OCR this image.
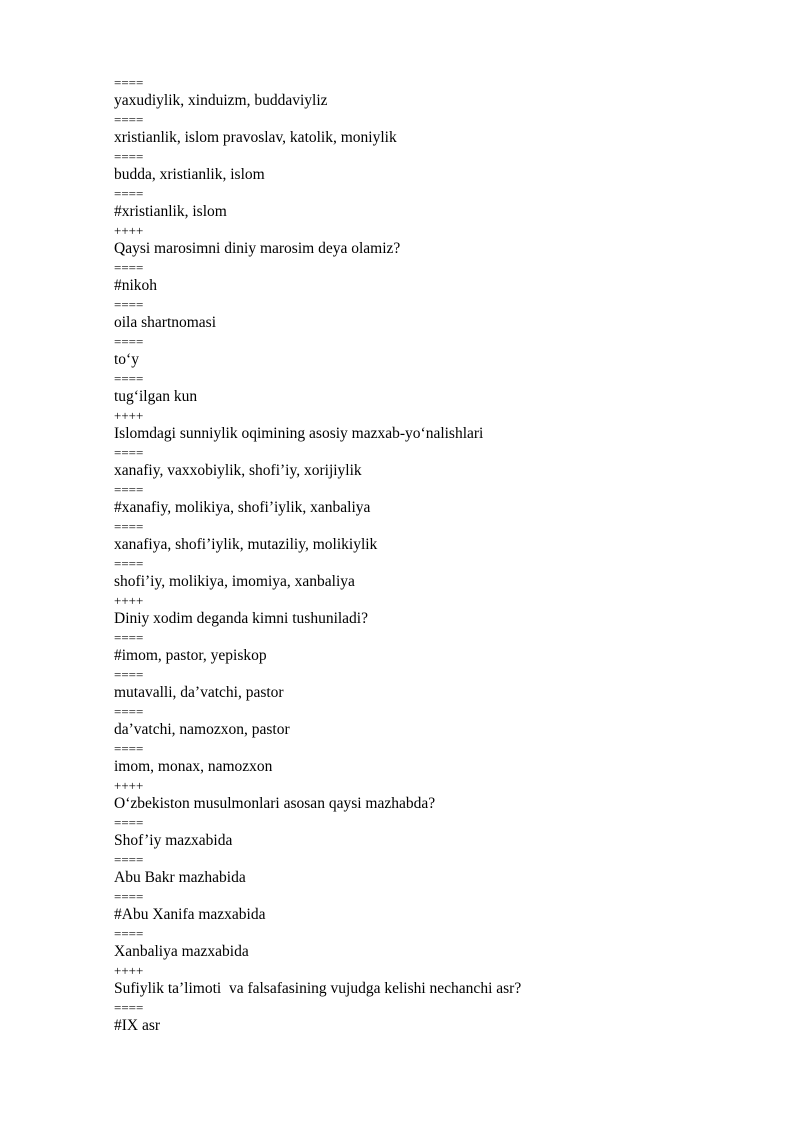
====
yaxudiylik, xinduizm, buddaviyliz
====
xristianlik, islom pravoslav, katolik, moniylik
====
budda, xristianlik, islom
====
#xristianlik, islom
++++
Qaysi marosimni diniy marosim deya olamiz?
====
#nikoh
====
oila shartnomasi
====
to‘y
====
tug‘ilgan kun
++++
Islomdagi sunniylik oqimining asosiy mazxab-yo‘nalishlari
====
xanafiy, vaxxobiylik, shofi’iy, xorijiylik
====
#xanafiy, molikiya, shofi’iylik, xanbaliya
====
xanafiya, shofi’iylik, mutaziliy, molikiylik
====
shofi’iy, molikiya, imomiya, xanbaliya
++++
Diniy xodim deganda kimni tushuniladi?
====
#imom, pastor, yepiskop
====
mutavalli, da’vatchi, pastor
====
da’vatchi, namozxon, pastor
====
imom, monax, namozxon
++++
O‘zbekiston musulmonlari asosan qaysi mazhabda?
====
Shof’iy mazxabida
====
Abu Bakr mazhabida
====
#Abu Xanifa mazxabida
====
Xanbaliya mazxabida
++++
Sufiylik ta’limoti  va falsafasining vujudga kelishi nechanchi asr?
====
#IX asr
